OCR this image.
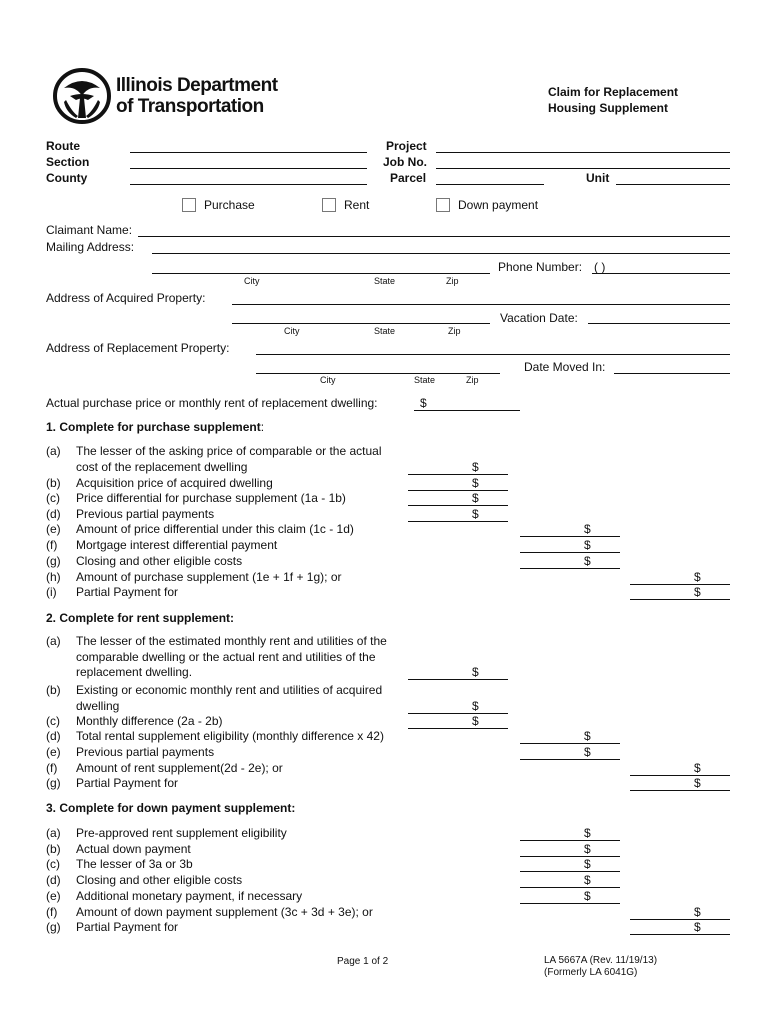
Illinois Department
of Transportation
Claim for Replacement
Housing Supplement
Route
Section
County
Project
Job No.
Parcel	Unit
Purchase	Rent	Down payment
Claimant Name:
Mailing Address:
Phone Number: ( )
City	State	Zip
Address of Acquired Property:
Vacation Date:
City	State	Zip
Address of Replacement Property:
Date Moved In:
City	State	Zip
Actual purchase price or monthly rent of replacement dwelling:	$
1. Complete for purchase supplement:
(a) The lesser of the asking price of comparable or the actual
cost of the replacement dwelling	$
(b) Acquisition price of acquired dwelling	$
(c) Price differential for purchase supplement (1a - 1b)	$
(d) Previous partial payments	$
(e) Amount of price differential under this claim (1c - 1d)	$
(f) Mortgage interest differential payment	$
(g) Closing and other eligible costs	$
(h) Amount of purchase supplement (1e + 1f + 1g); or	$
(i) Partial Payment for	$
2. Complete for rent supplement:
(a) The lesser of the estimated monthly rent and utilities of the
comparable dwelling or the actual rent and utilities of the
replacement dwelling.	$
(b) Existing or economic monthly rent and utilities of acquired
dwelling	$
(c) Monthly difference (2a - 2b)	$
(d) Total rental supplement eligibility (monthly difference x 42)	$
(e) Previous partial payments	$
(f) Amount of rent supplement(2d - 2e); or	$
(g) Partial Payment for	$
3. Complete for down payment supplement:
(a) Pre-approved rent supplement eligibility	$
(b) Actual down payment	$
(c) The lesser of 3a or 3b	$
(d) Closing and other eligible costs	$
(e) Additional monetary payment, if necessary	$
(f) Amount of down payment supplement (3c + 3d + 3e); or	$
(g) Partial Payment for	$
Page 1 of 2	LA 5667A (Rev. 11/19/13)
(Formerly LA 6041G)
